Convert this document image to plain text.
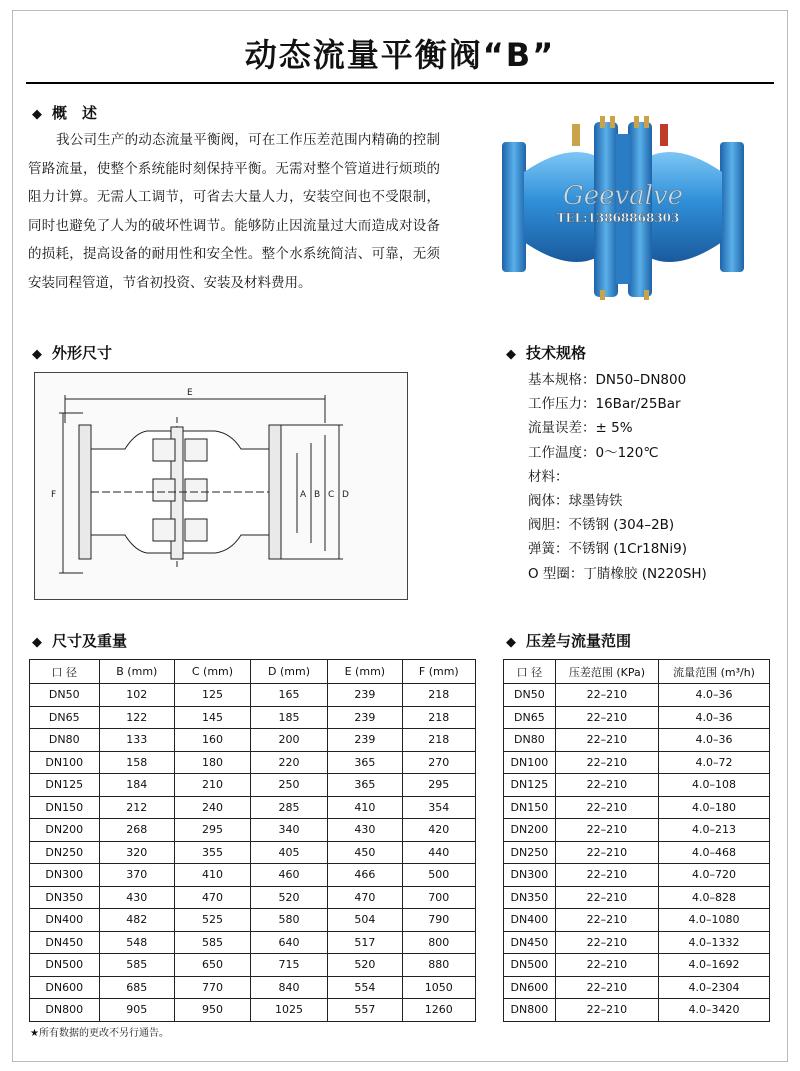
动态流量平衡阀“B”
◆ 概　述
我公司生产的动态流量平衡阀，可在工作压差范围内精确的控制管路流量，使整个系统能时刻保持平衡。无需对整个管道进行烦琐的阻力计算。无需人工调节，可省去大量人力，安装空间也不受限制，同时也避免了人为的破坏性调节。能够防止因流量过大而造成对设备的损耗，提高设备的耐用性和安全性。整个水系统简洁、可靠，无须安装同程管道，节省初投资、安装及材料费用。
Geevalve
TEL:13868868303
◆ 外形尺寸
E
F	A B C D
◆ 技术规格
基本规格：DN50–DN800
工作压力：16Bar/25Bar
流量误差：± 5%
工作温度：0～120℃
材料：
阀体：球墨铸铁
阀胆：不锈钢 (304–2B)
弹簧：不锈钢 (1Cr18Ni9)
O 型圈：丁腈橡胶 (N220SH)
◆ 尺寸及重量	◆ 压差与流量范围
口 径	B (mm)	C (mm)	D (mm)	E (mm)	F (mm)
DN50	102	125	165	239	218
DN65	122	145	185	239	218
DN80	133	160	200	239	218
DN100	158	180	220	365	270
DN125	184	210	250	365	295
DN150	212	240	285	410	354
DN200	268	295	340	430	420
DN250	320	355	405	450	440
DN300	370	410	460	466	500
DN350	430	470	520	470	700
DN400	482	525	580	504	790
DN450	548	585	640	517	800
DN500	585	650	715	520	880
DN600	685	770	840	554	1050
DN800	905	950	1025	557	1260
口 径	压差范围 (KPa)	流量范围 (m³/h)
DN50	22–210	4.0–36
DN65	22–210	4.0–36
DN80	22–210	4.0–36
DN100	22–210	4.0–72
DN125	22–210	4.0–108
DN150	22–210	4.0–180
DN200	22–210	4.0–213
DN250	22–210	4.0–468
DN300	22–210	4.0–720
DN350	22–210	4.0–828
DN400	22–210	4.0–1080
DN450	22–210	4.0–1332
DN500	22–210	4.0–1692
DN600	22–210	4.0–2304
DN800	22–210	4.0–3420
★所有数据的更改不另行通告。
